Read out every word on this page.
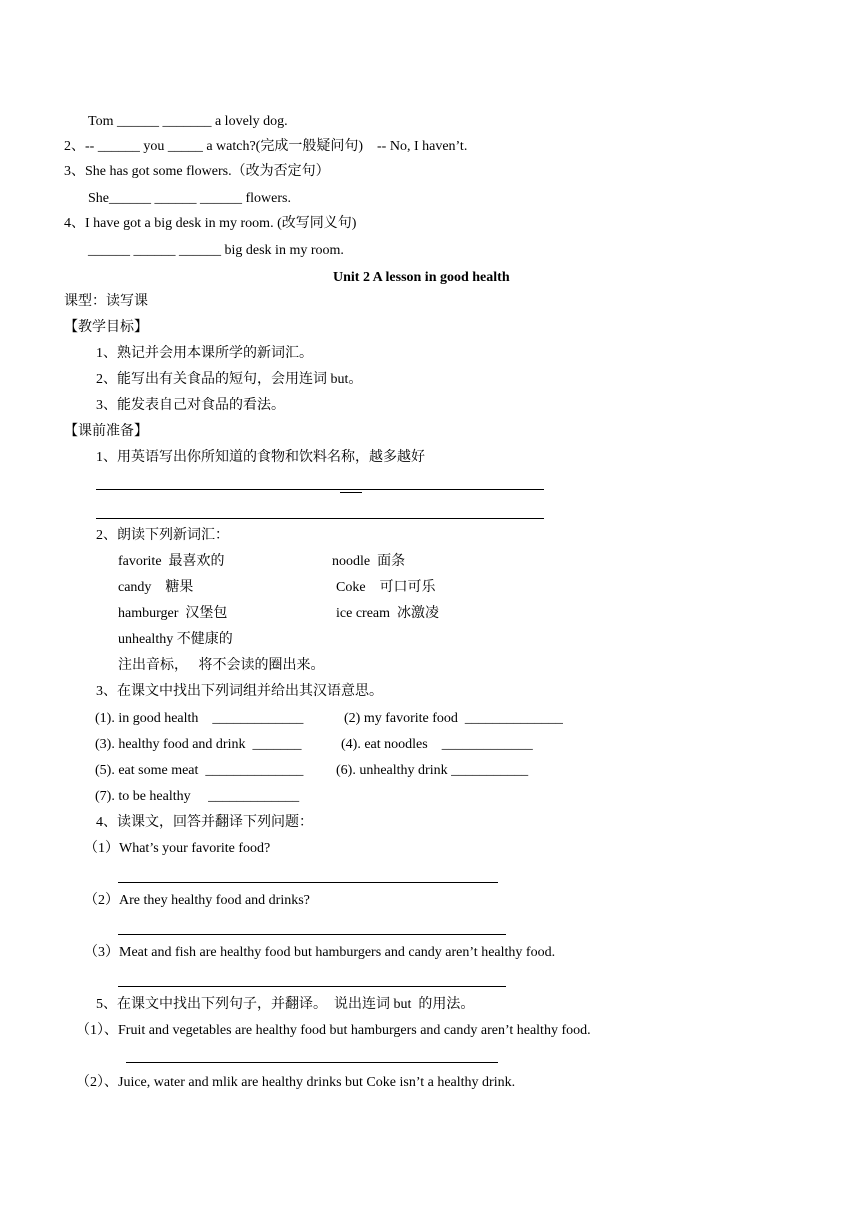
Tom ______ _______ a lovely dog.
2、-- ______ you _____ a watch?(完成一般疑问句)    -- No, I haven’t.
3、She has got some flowers.（改为否定句）
She______ ______ ______ flowers.
4、I have got a big desk in my room. (改写同义句)
______ ______ ______ big desk in my room.
Unit 2 A lesson in good health
课型：读写课
【教学目标】
1、熟记并会用本课所学的新词汇。
2、能写出有关食品的短句，会用连词 but。
3、能发表自己对食品的看法。
【课前准备】
1、用英语写出你所知道的食物和饮料名称，越多越好
2、朗读下列新词汇：
favorite  最喜欢的	noodle  面条
candy    糖果	Coke    可口可乐
hamburger  汉堡包	ice cream  冰激凌
unhealthy 不健康的
注出音标，   将不会读的圈出来。
3、在课文中找出下列词组并给出其汉语意思。
(1). in good health    _____________	(2) my favorite food  ______________
(3). healthy food and drink  _______	(4). eat noodles    _____________
(5). eat some meat  ______________ (6). unhealthy drink ___________
(7). to be healthy     _____________
4、读课文，回答并翻译下列问题：
（1）What’s your favorite food?
（2）Are they healthy food and drinks?
（3）Meat and fish are healthy food but hamburgers and candy aren’t healthy food.
5、在课文中找出下列句子，并翻译。  说出连词 but  的用法。
（1）、Fruit and vegetables are healthy food but hamburgers and candy aren’t healthy food.
（2）、Juice, water and mlik are healthy drinks but Coke isn’t a healthy drink.
